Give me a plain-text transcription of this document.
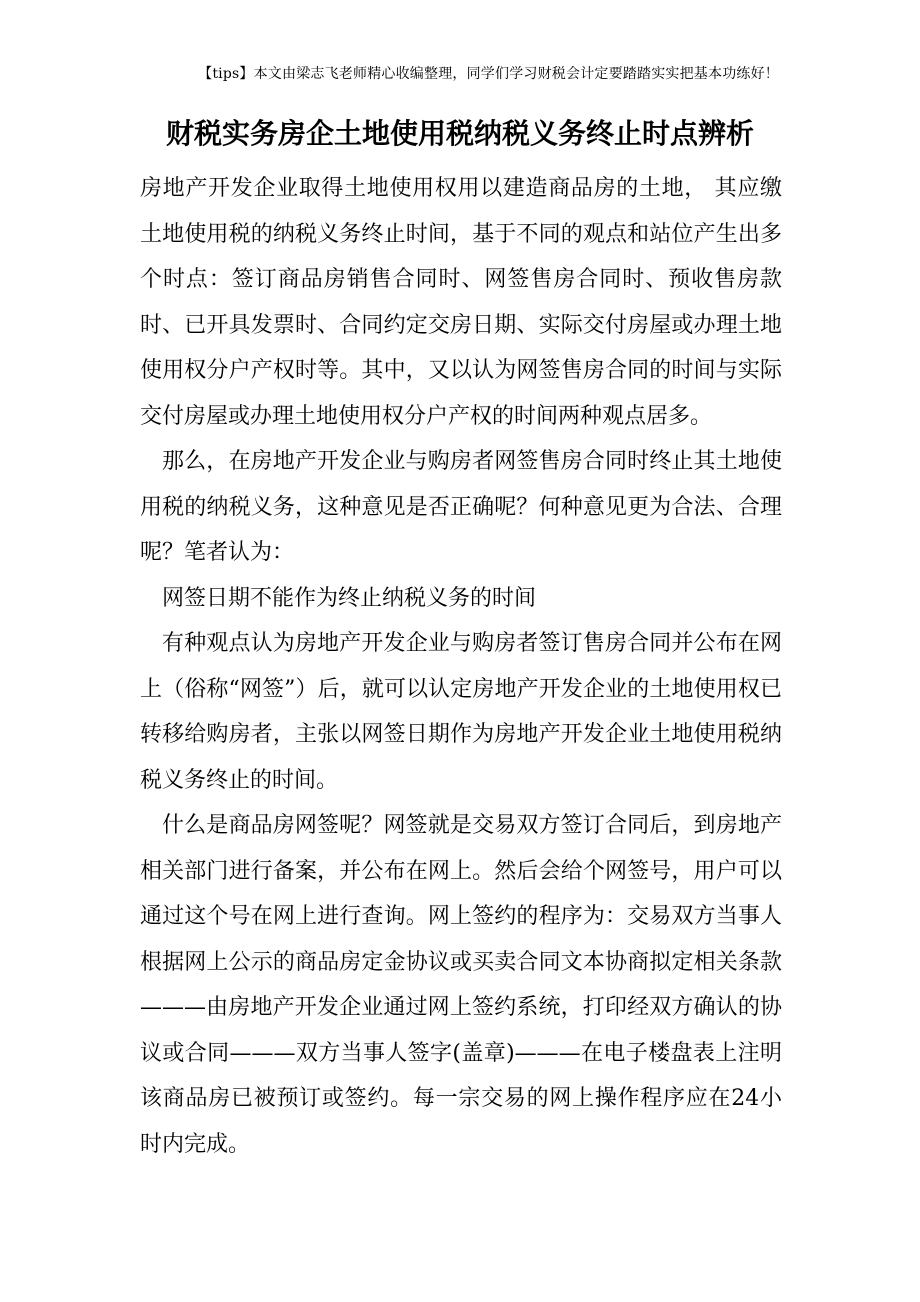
【tips】本文由梁志飞老师精心收编整理，同学们学习财税会计定要踏踏实实把基本功练好！
财税实务房企土地使用税纳税义务终止时点辨析

房地产开发企业取得土地使用权用以建造商品房的土地， 其应缴土地使用税的纳税义务终止时间，基于不同的观点和站位产生出多个时点：签订商品房销售合同时、网签售房合同时、预收售房款时、已开具发票时、合同约定交房日期、实际交付房屋或办理土地使用权分户产权时等。其中，又以认为网签售房合同的时间与实际交付房屋或办理土地使用权分户产权的时间两种观点居多。

那么，在房地产开发企业与购房者网签售房合同时终止其土地使用税的纳税义务，这种意见是否正确呢？何种意见更为合法、合理呢？笔者认为：

网签日期不能作为终止纳税义务的时间

有种观点认为房地产开发企业与购房者签订售房合同并公布在网上（俗称“网签”）后，就可以认定房地产开发企业的土地使用权已转移给购房者，主张以网签日期作为房地产开发企业土地使用税纳税义务终止的时间。

什么是商品房网签呢？网签就是交易双方签订合同后，到房地产相关部门进行备案，并公布在网上。然后会给个网签号，用户可以通过这个号在网上进行查询。网上签约的程序为：交易双方当事人根据网上公示的商品房定金协议或买卖合同文本协商拟定相关条款———由房地产开发企业通过网上签约系统，打印经双方确认的协议或合同———双方当事人签字(盖章)———在电子楼盘表上注明该商品房已被预订或签约。每一宗交易的网上操作程序应在24小时内完成。
